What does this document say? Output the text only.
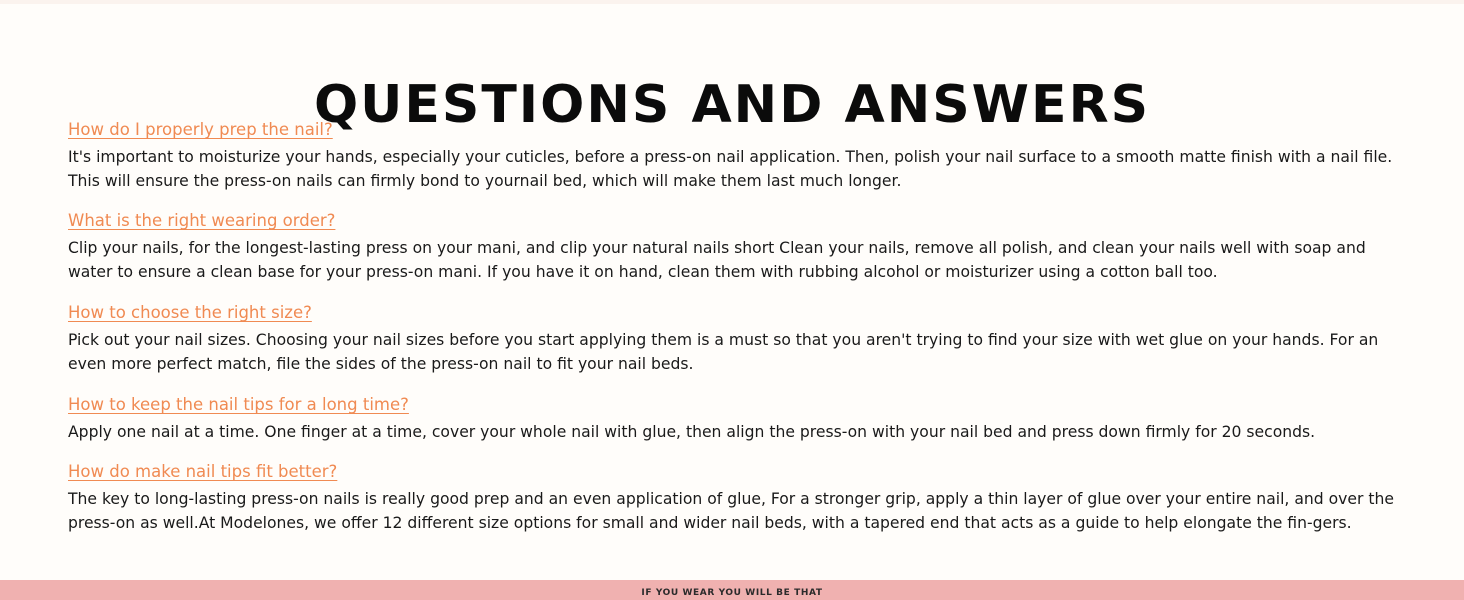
QUESTIONS AND ANSWERS
How do I properly prep the nail?
It's important to moisturize your hands, especially your cuticles, before a press-on nail application. Then, polish your nail surface to a smooth matte finish with a nail file. This will ensure the press-on nails can firmly bond to yournail bed, which will make them last much longer.
What is the right wearing order?
Clip your nails, for the longest-lasting press on your mani, and clip your natural nails short Clean your nails, remove all polish, and clean your nails well with soap and water to ensure a clean base for your press-on mani. If you have it on hand, clean them with rubbing alcohol or moisturizer using a cotton ball too.
How to choose the right size?
Pick out your nail sizes. Choosing your nail sizes before you start applying them is a must so that you aren't trying to find your size with wet glue on your hands. For an even more perfect match, file the sides of the press-on nail to fit your nail beds.
How to keep the nail tips for a long time?
Apply one nail at a time. One finger at a time, cover your whole nail with glue, then align the press-on with your nail bed and press down firmly for 20 seconds.
How do make nail tips fit better?
The key to long-lasting press-on nails is really good prep and an even application of glue, For a stronger grip, apply a thin layer of glue over your entire nail, and over the press-on as well.At Modelones, we offer 12 different size options for small and wider nail beds, with a tapered end that acts as a guide to help elongate the fin-gers.
IF YOU WEAR YOU WILL BE THAT
